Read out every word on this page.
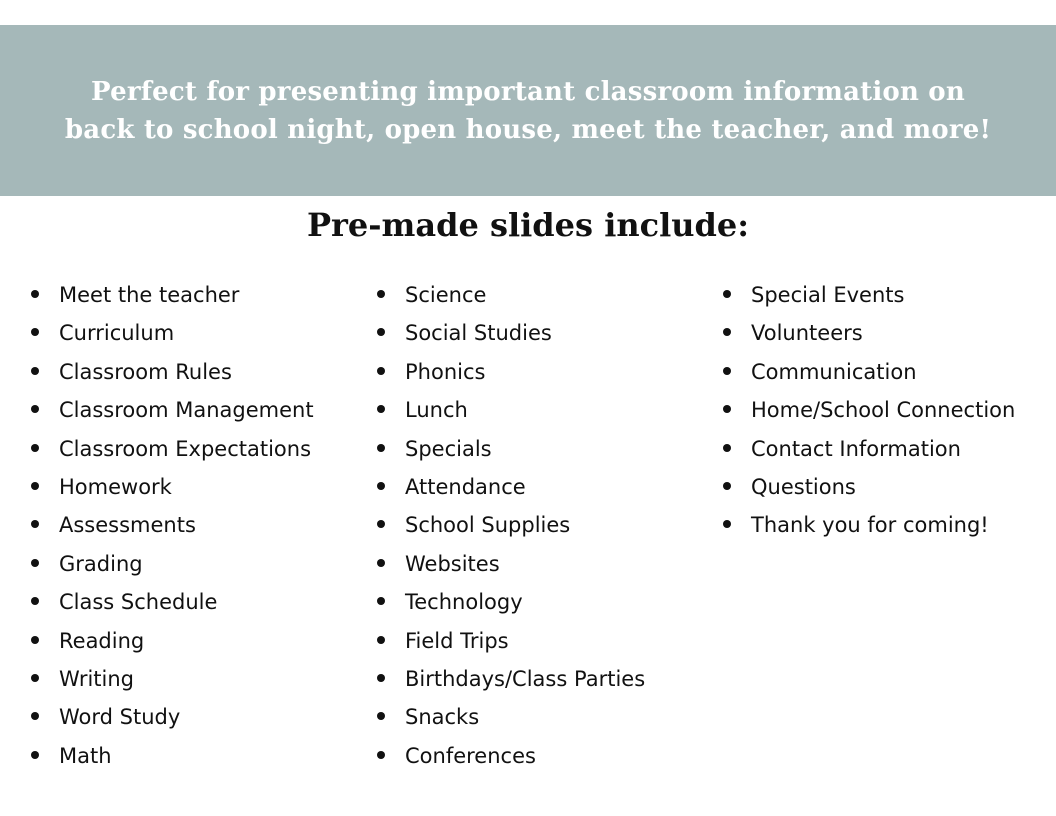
Perfect for presenting important classroom information on
back to school night, open house, meet the teacher, and more!

Pre-made slides include:
Meet the teacher
Curriculum
Classroom Rules
Classroom Management
Classroom Expectations
Homework
Assessments
Grading
Class Schedule
Reading
Writing
Word Study
Math
Science
Social Studies
Phonics
Lunch
Specials
Attendance
School Supplies
Websites
Technology
Field Trips
Birthdays/Class Parties
Snacks
Conferences
Special Events
Volunteers
Communication
Home/School Connection
Contact Information
Questions
Thank you for coming!
